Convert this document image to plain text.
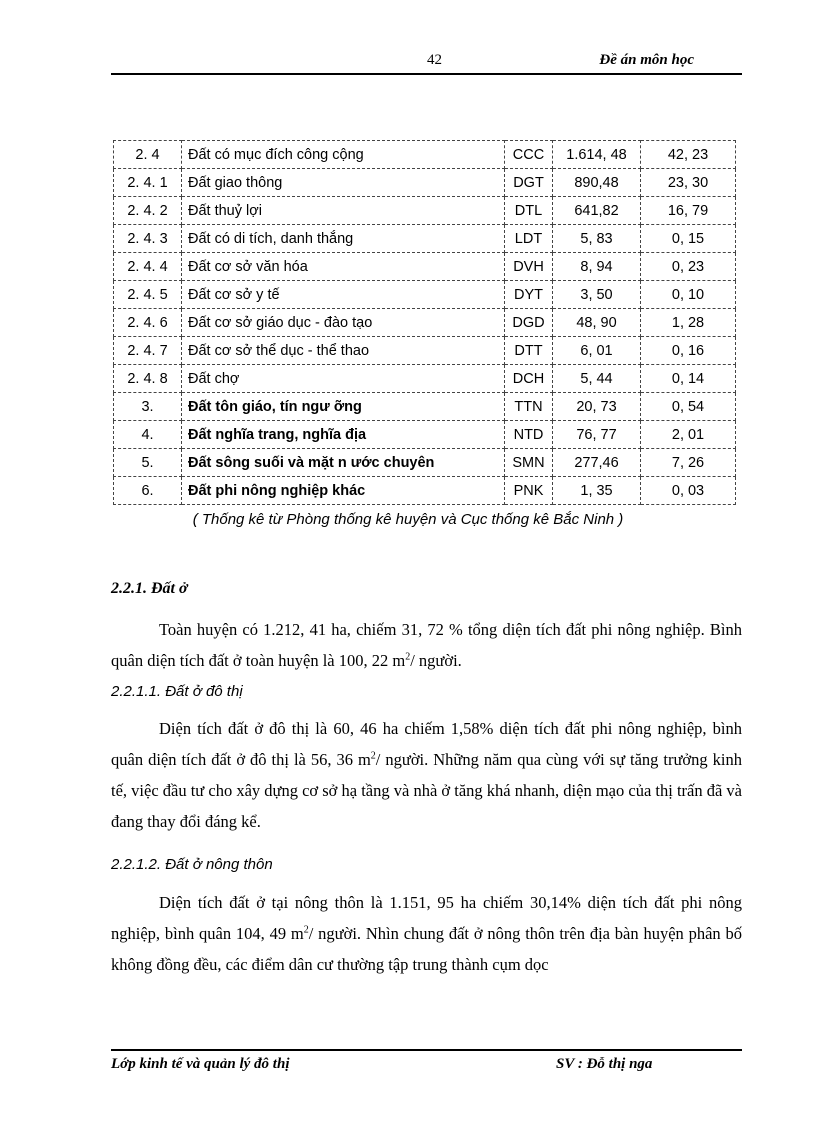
42	Đề án môn học
2. 4	Đất có mục đích công cộng	CCC	1.614, 48	42, 23
2. 4. 1	Đất giao thông	DGT	890,48	23, 30
2. 4. 2	Đất thuỷ lợi	DTL	641,82	16, 79
2. 4. 3	Đất có di tích, danh thắng	LDT	5, 83	0, 15
2. 4. 4	Đất cơ sở văn hóa	DVH	8, 94	0, 23
2. 4. 5	Đất cơ sở y tế	DYT	3, 50	0, 10
2. 4. 6	Đất cơ sở giáo dục - đào tạo	DGD	48, 90	1, 28
2. 4. 7	Đất cơ sở thể dục - thể thao	DTT	6, 01	0, 16
2. 4. 8	Đất chợ	DCH	5, 44	0, 14
3.	Đất tôn giáo, tín ngư ỡng	TTN	20, 73	0, 54
4.	Đất nghĩa trang, nghĩa địa	NTD	76, 77	2, 01
5.	Đất sông suối và mặt n ước chuyên	SMN	277,46	7, 26
6.	Đất phi nông nghiệp khác	PNK	1, 35	0, 03
( Thống kê từ Phòng thống kê huyện và Cục thống kê Bắc Ninh )
2.2.1. Đất ở

Toàn huyện có 1.212, 41 ha, chiếm 31, 72 % tổng diện tích đất phi nông nghiệp. Bình quân diện tích đất ở toàn huyện là 100, 22 $m^2/$ người.

2.2.1.1. Đất ở đô thị

Diện tích đất ở đô thị là 60, 46 ha chiếm 1,58% diện tích đất phi nông nghiệp, bình quân diện tích đất ở đô thị là 56, 36 $m^2/$ người. Những năm qua cùng với sự tăng trưởng kinh tế, việc đầu tư cho xây dựng cơ sở hạ tầng và nhà ở tăng khá nhanh, diện mạo của thị trấn đã và đang thay đổi đáng kể.

2.2.1.2. Đất ở nông thôn

Diện tích đất ở tại nông thôn là 1.151, 95 ha chiếm 30,14% diện tích đất phi nông nghiệp, bình quân 104, 49 $m^2/$ người. Nhìn chung đất ở nông thôn trên địa bàn huyện phân bố không đồng đều, các điểm dân cư thường tập trung thành cụm dọc

Lớp kinh tế và quản lý đô thị	SV : Đỗ thị nga
